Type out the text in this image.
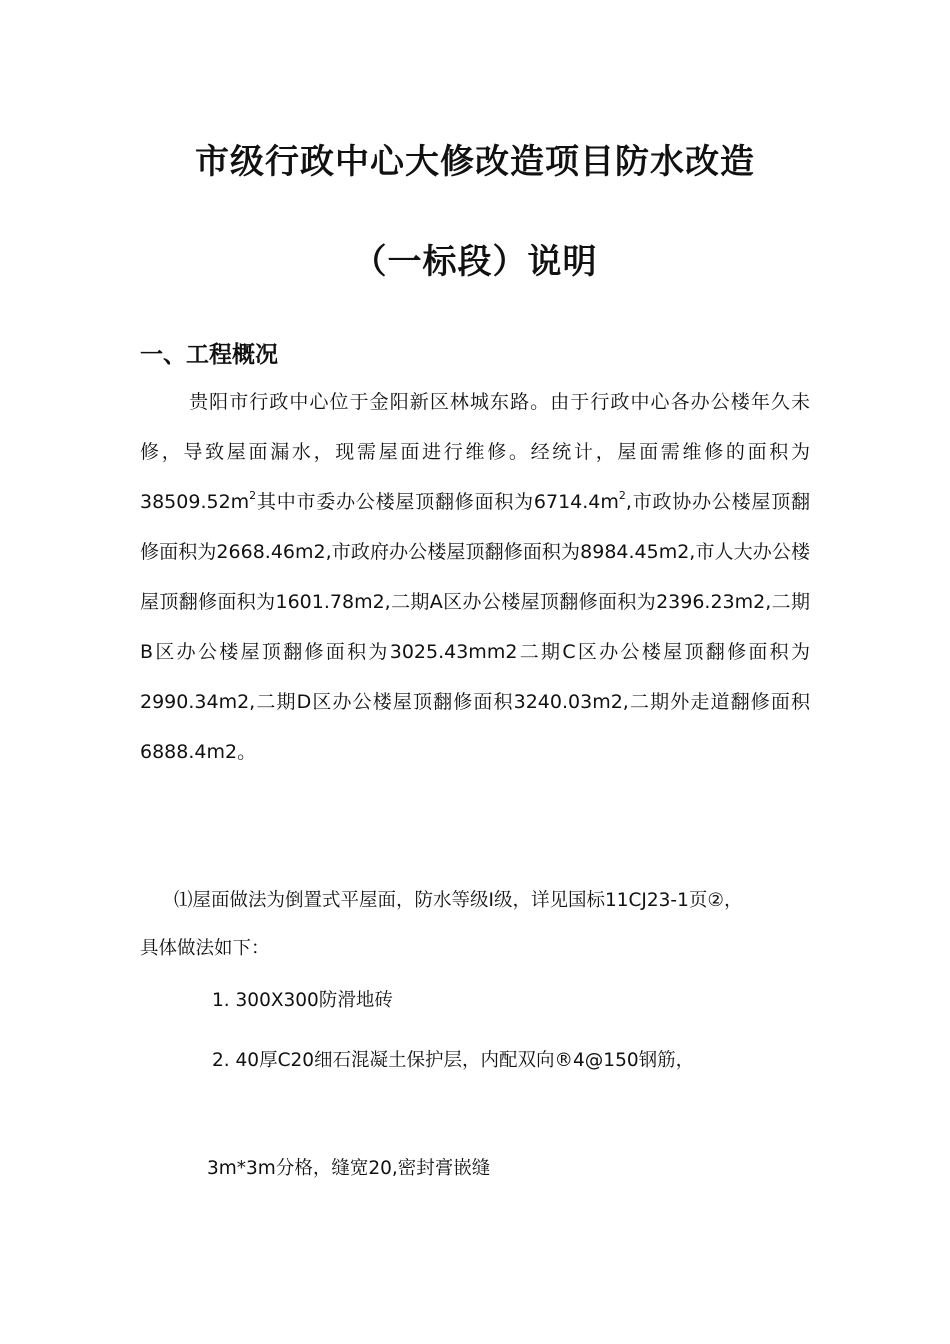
市级行政中心大修改造项目防水改造
（一标段）说明
一、工程概况
贵阳市行政中心位于金阳新区林城东路。由于行政中心各办公楼年久未修，导致屋面漏水，现需屋面进行维修。经统计，屋面需维修的面积为$38509.52m^2$其中市委办公楼屋顶翻修面积为$6714.4m^2$,市政协办公楼屋顶翻修面积为2668.46m2,市政府办公楼屋顶翻修面积为8984.45m2,市人大办公楼屋顶翻修面积为1601.78m2,二期A区办公楼屋顶翻修面积为2396.23m2,二期B区办公楼屋顶翻修面积为3025.43mm2二期C区办公楼屋顶翻修面积为2990.34m2,二期D区办公楼屋顶翻修面积3240.03m2,二期外走道翻修面积6888.4m2。
⑴屋面做法为倒置式平屋面，防水等级Ⅰ级，详见国标11CJ23-1页②，
具体做法如下：
1. 300X300防滑地砖
2. 40厚C20细石混凝土保护层，内配双向®4@150钢筋，
3m*3m分格，缝宽20,密封膏嵌缝
